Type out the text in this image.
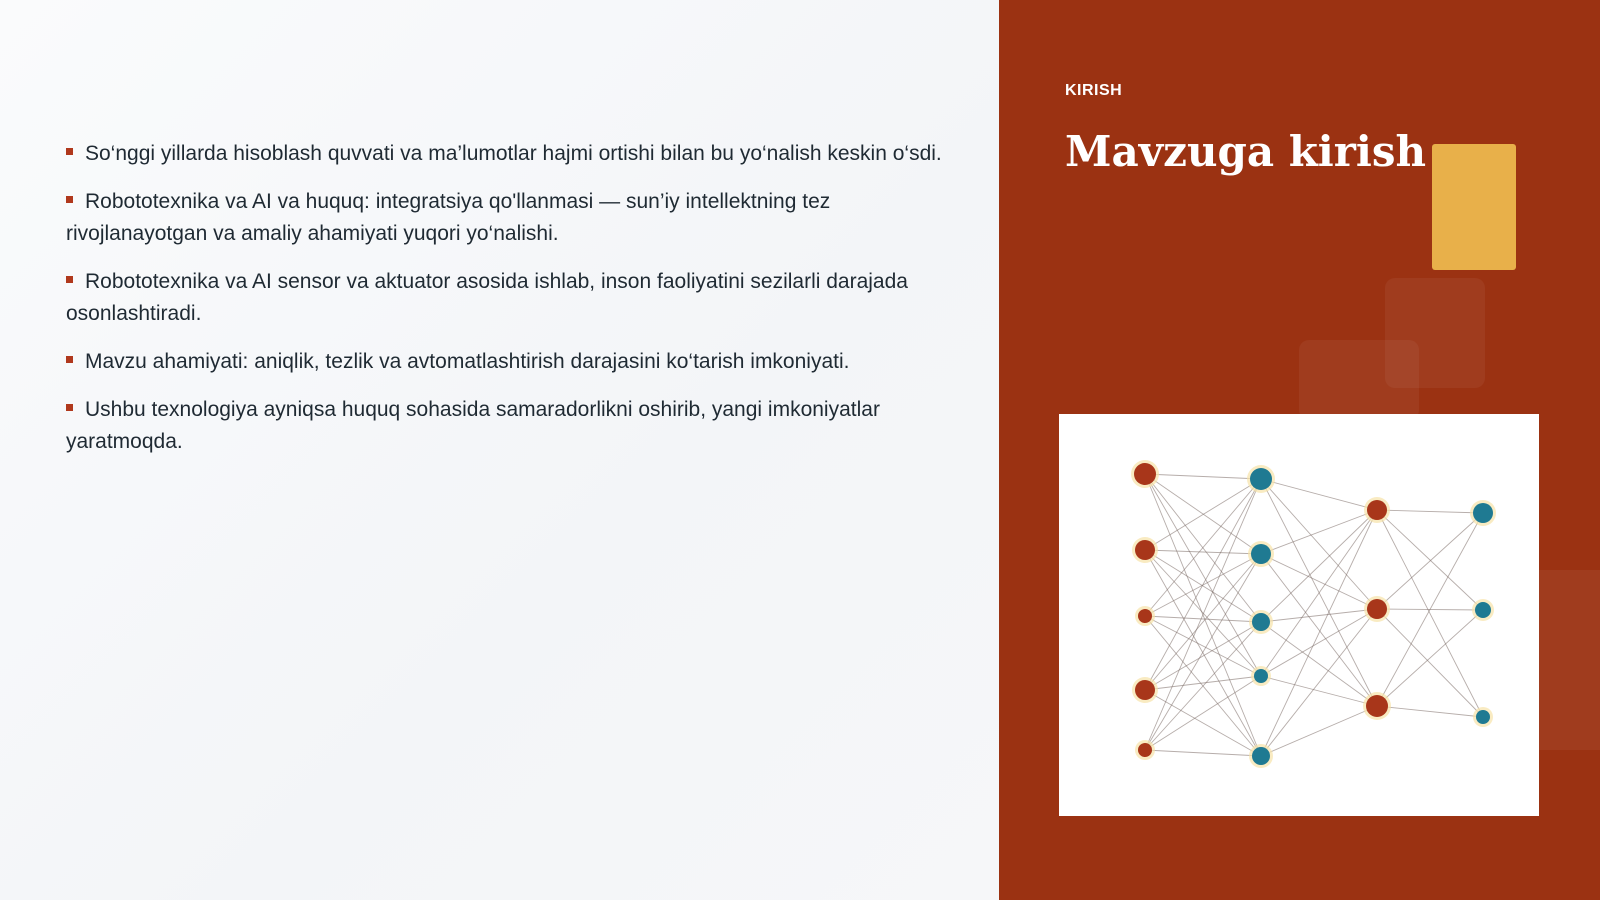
So‘nggi yillarda hisoblash quvvati va ma’lumotlar hajmi ortishi bilan bu yo‘nalish keskin o‘sdi.
Robototexnika va AI va huquq: integratsiya qo'llanmasi — sun’iy intellektning tez rivojlanayotgan va amaliy ahamiyati yuqori yo‘nalishi.
Robototexnika va AI sensor va aktuator asosida ishlab, inson faoliyatini sezilarli darajada osonlashtiradi.
Mavzu ahamiyati: aniqlik, tezlik va avtomatlashtirish darajasini ko‘tarish imkoniyati.
Ushbu texnologiya ayniqsa huquq sohasida samaradorlikni oshirib, yangi imkoniyatlar yaratmoqda.
KIRISH
Mavzuga kirish
